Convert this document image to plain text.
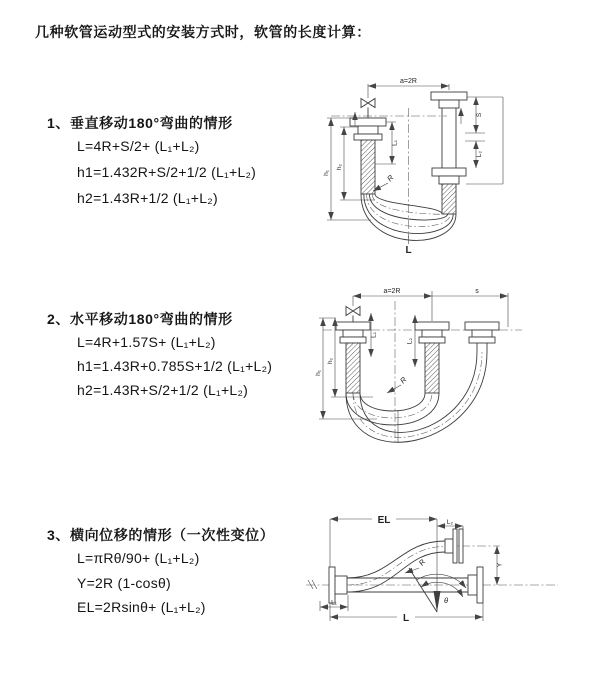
几种软管运动型式的安装方式时，软管的长度计算：
1、垂直移动180°弯曲的情形
L=4R+S/2+ (L₁+L₂)
h1=1.432R+S/2+1/2 (L₁+L₂)
h2=1.43R+1/2 (L₁+L₂)
a=2R
L₁
h₁
h₂
S
L₂
R
L
2、水平移动180°弯曲的情形
L=4R+1.57S+ (L₁+L₂)
h1=1.43R+0.785S+1/2 (L₁+L₂)
h2=1.43R+S/2+1/2 (L₁+L₂)
a=2R	s
L₁
L₂
h₁
h₂
R
3、横向位移的情形（一次性变位）
L=πRθ/90+ (L₁+L₂)
Y=2R (1-cosθ)
EL=2Rsinθ+ (L₁+L₂)
EL	L₂
Y
L₁
L
R
θ
